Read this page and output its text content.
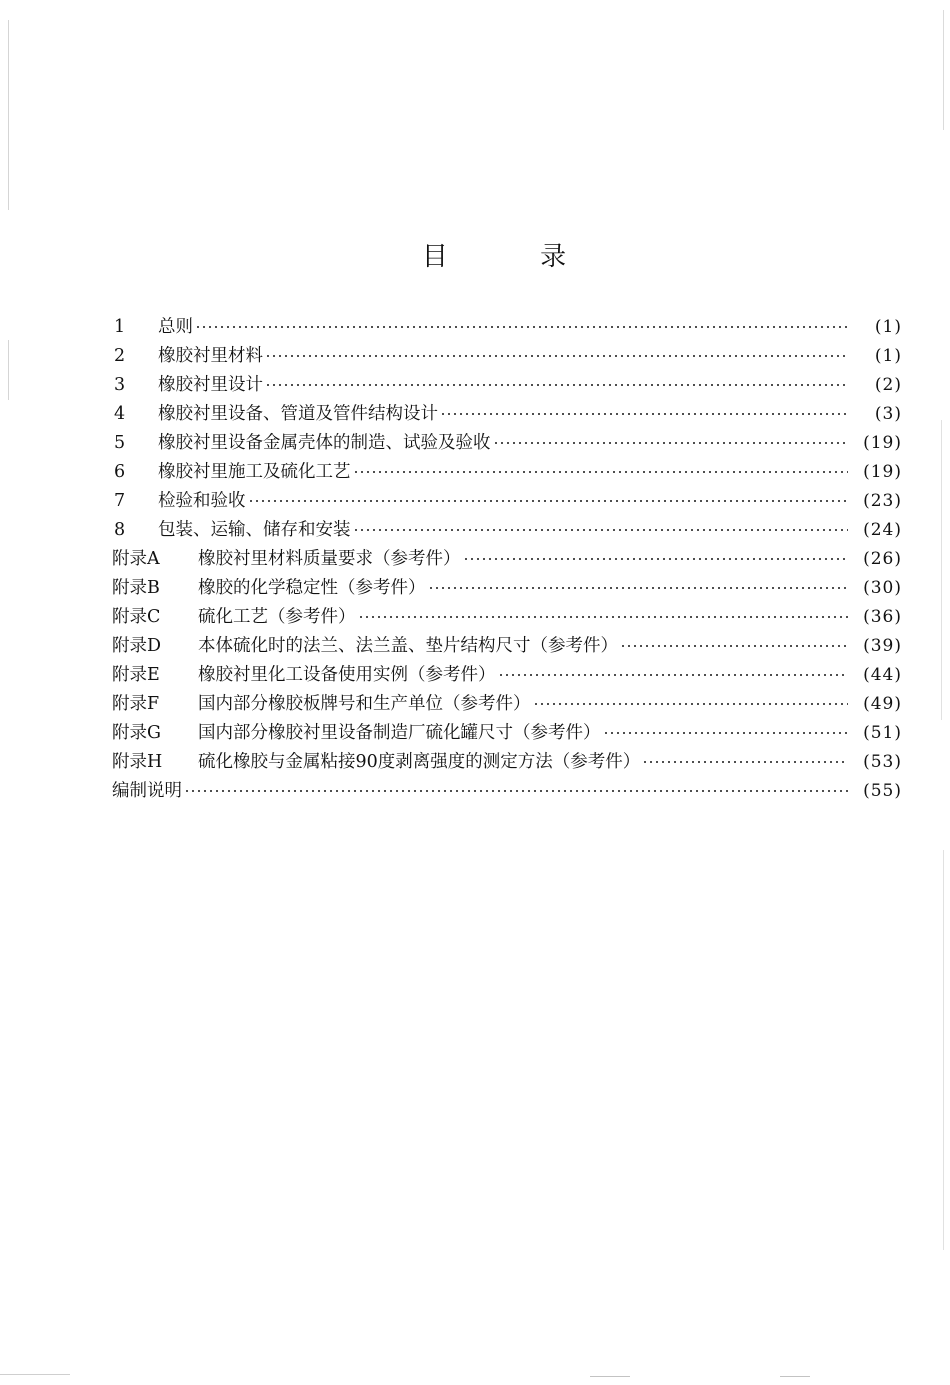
目 录
1	总则	(1)
2	橡胶衬里材料	(1)
3	橡胶衬里设计	(2)
4	橡胶衬里设备、管道及管件结构设计	(3)
5	橡胶衬里设备金属壳体的制造、试验及验收	(19)
6	橡胶衬里施工及硫化工艺	(19)
7	检验和验收	(23)
8	包装、运输、储存和安装	(24)
附录A	橡胶衬里材料质量要求（参考件）	(26)
附录B	橡胶的化学稳定性（参考件）	(30)
附录C	硫化工艺（参考件）	(36)
附录D	本体硫化时的法兰、法兰盖、垫片结构尺寸（参考件）	(39)
附录E	橡胶衬里化工设备使用实例（参考件）	(44)
附录F	国内部分橡胶板牌号和生产单位（参考件）	(49)
附录G	国内部分橡胶衬里设备制造厂硫化罐尺寸（参考件）	(51)
附录H	硫化橡胶与金属粘接90度剥离强度的测定方法（参考件）	(53)
编制说明	(55)
